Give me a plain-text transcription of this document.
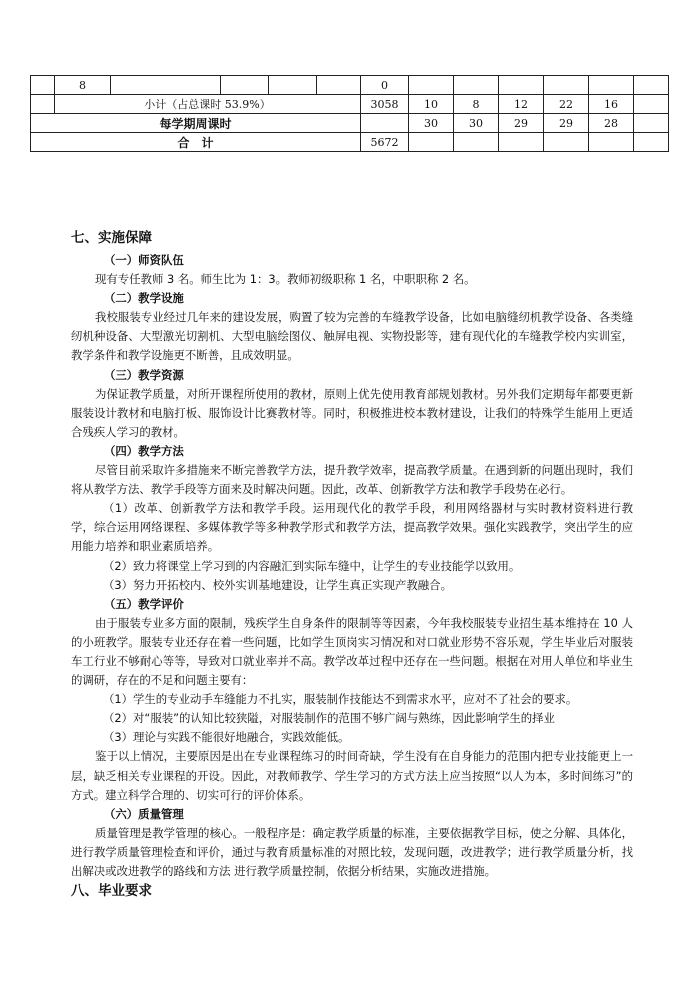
	8					0						
	小计（占总课时 53.9%）					3058	10	8	12	22	16	
每学期周课时							30	30	29	29	28	
合　计						5672						
七、实施保障
（一）师资队伍

现有专任教师 3 名。师生比为 1：3。教师初级职称 1 名，中职职称 2 名。

（二）教学设施

我校服装专业经过几年来的建设发展，购置了较为完善的车缝教学设备，比如电脑缝纫机教学设备、各类缝纫机种设备、大型激光切割机、大型电脑绘图仪、触屏电视、实物投影等，建有现代化的车缝教学校内实训室，教学条件和教学设施更不断善，且成效明显。

（三）教学资源

为保证教学质量，对所开课程所使用的教材，原则上优先使用教育部规划教材。另外我们定期每年都要更新服装设计教材和电脑打板、服饰设计比赛教材等。同时，积极推进校本教材建设，让我们的特殊学生能用上更适合残疾人学习的教材。

（四）教学方法

尽管目前采取许多措施来不断完善教学方法，提升教学效率，提高教学质量。在遇到新的问题出现时，我们将从教学方法、教学手段等方面来及时解决问题。因此，改革、创新教学方法和教学手段势在必行。

（1）改革、创新教学方法和教学手段。运用现代化的教学手段，利用网络器材与实时教材资料进行教学，综合运用网络课程、多媒体教学等多种教学形式和教学方法，提高教学效果。强化实践教学，突出学生的应用能力培养和职业素质培养。

（2）致力将课堂上学习到的内容融汇到实际车缝中，让学生的专业技能学以致用。

（3）努力开拓校内、校外实训基地建设，让学生真正实现产教融合。

（五）教学评价

由于服装专业多方面的限制，残疾学生自身条件的限制等等因素，今年我校服装专业招生基本维持在 10 人的小班教学。服装专业还存在着一些问题，比如学生顶岗实习情况和对口就业形势不容乐观，学生毕业后对服装车工行业不够耐心等等，导致对口就业率并不高。教学改革过程中还存在一些问题。根据在对用人单位和毕业生的调研，存在的不足和问题主要有：

（1）学生的专业动手车缝能力不扎实，服装制作技能达不到需求水平，应对不了社会的要求。

（2）对“服装”的认知比较狭隘，对服装制作的范围不够广阔与熟练，因此影响学生的择业

（3）理论与实践不能很好地融合，实践效能低。

鉴于以上情况，主要原因是出在专业课程练习的时间奇缺，学生没有在自身能力的范围内把专业技能更上一层，缺乏相关专业课程的开设。因此，对教师教学、学生学习的方式方法上应当按照“以人为本，多时间练习”的方式。建立科学合理的、切实可行的评价体系。

（六）质量管理

质量管理是教学管理的核心。一般程序是：确定教学质量的标准，主要依据教学目标，使之分解、具体化，进行教学质量管理检查和评价，通过与教育质量标准的对照比较，发现问题，改进教学；进行教学质量分析，找出解决或改进教学的路线和方法 进行教学质量控制，依据分析结果，实施改进措施。

八、毕业要求
